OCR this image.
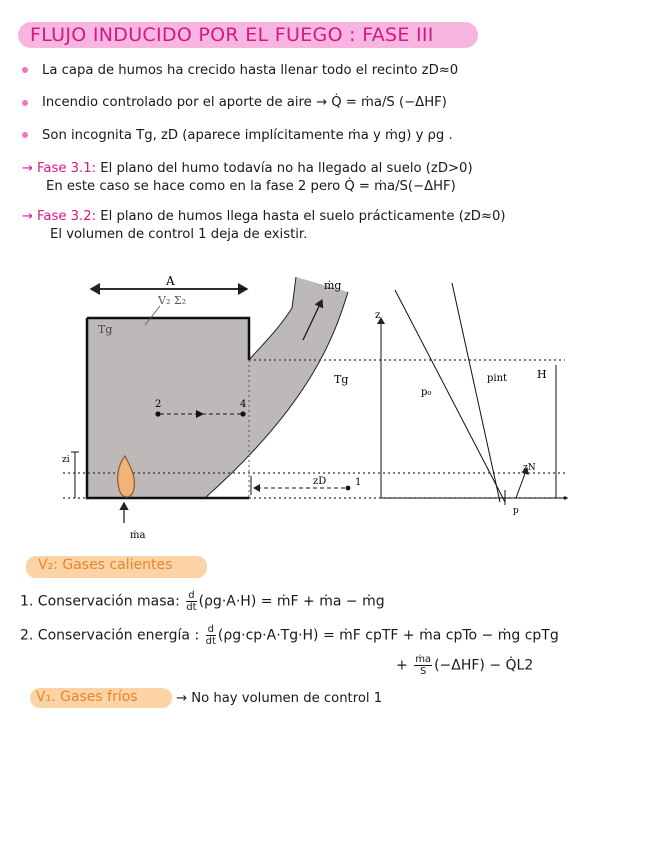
FLUJO INDUCIDO POR EL FUEGO : FASE III
La capa de humos ha crecido hasta llenar todo el recinto zD≈0
Incendio controlado por el aporte de aire → Q̇ = ṁa/S (−ΔHF)
Son incognita Tg, zD (aparece implícitamente ṁa y ṁg) y ρg .
→ Fase 3.1: El plano del humo todavía no ha llegado al suelo (zD>0)
En este caso se hace como en la fase 2 pero Q̇ = ṁa/S(−ΔHF)
→ Fase 3.2: El plano de humos llega hasta el suelo prácticamente (zD≈0)
El volumen de control 1 deja de existir.
A
V₂ Σ₂
Tg
ṁg
Tg
2	4
zD	1
zi
ṁa
z
p₀
pint	H
zN
p
V₂: Gases calientes
1. Conservación masa: $\frac{d}{dt} (\rho g\cdot A\cdot H)$ = ṁF + ṁa − ṁg
2. Conservación energía : $\frac{d}{dt} (\rho g\cdot cp\cdot A\cdot Tg\cdot H)$ = ṁF cpTF + ṁa cpTo − ṁg cpTg
+ $\frac{\text{ṁa}}{S} (-\Delta HF)$ − Q̇L2
V₁. Gases fríos	→ No hay volumen de control 1
